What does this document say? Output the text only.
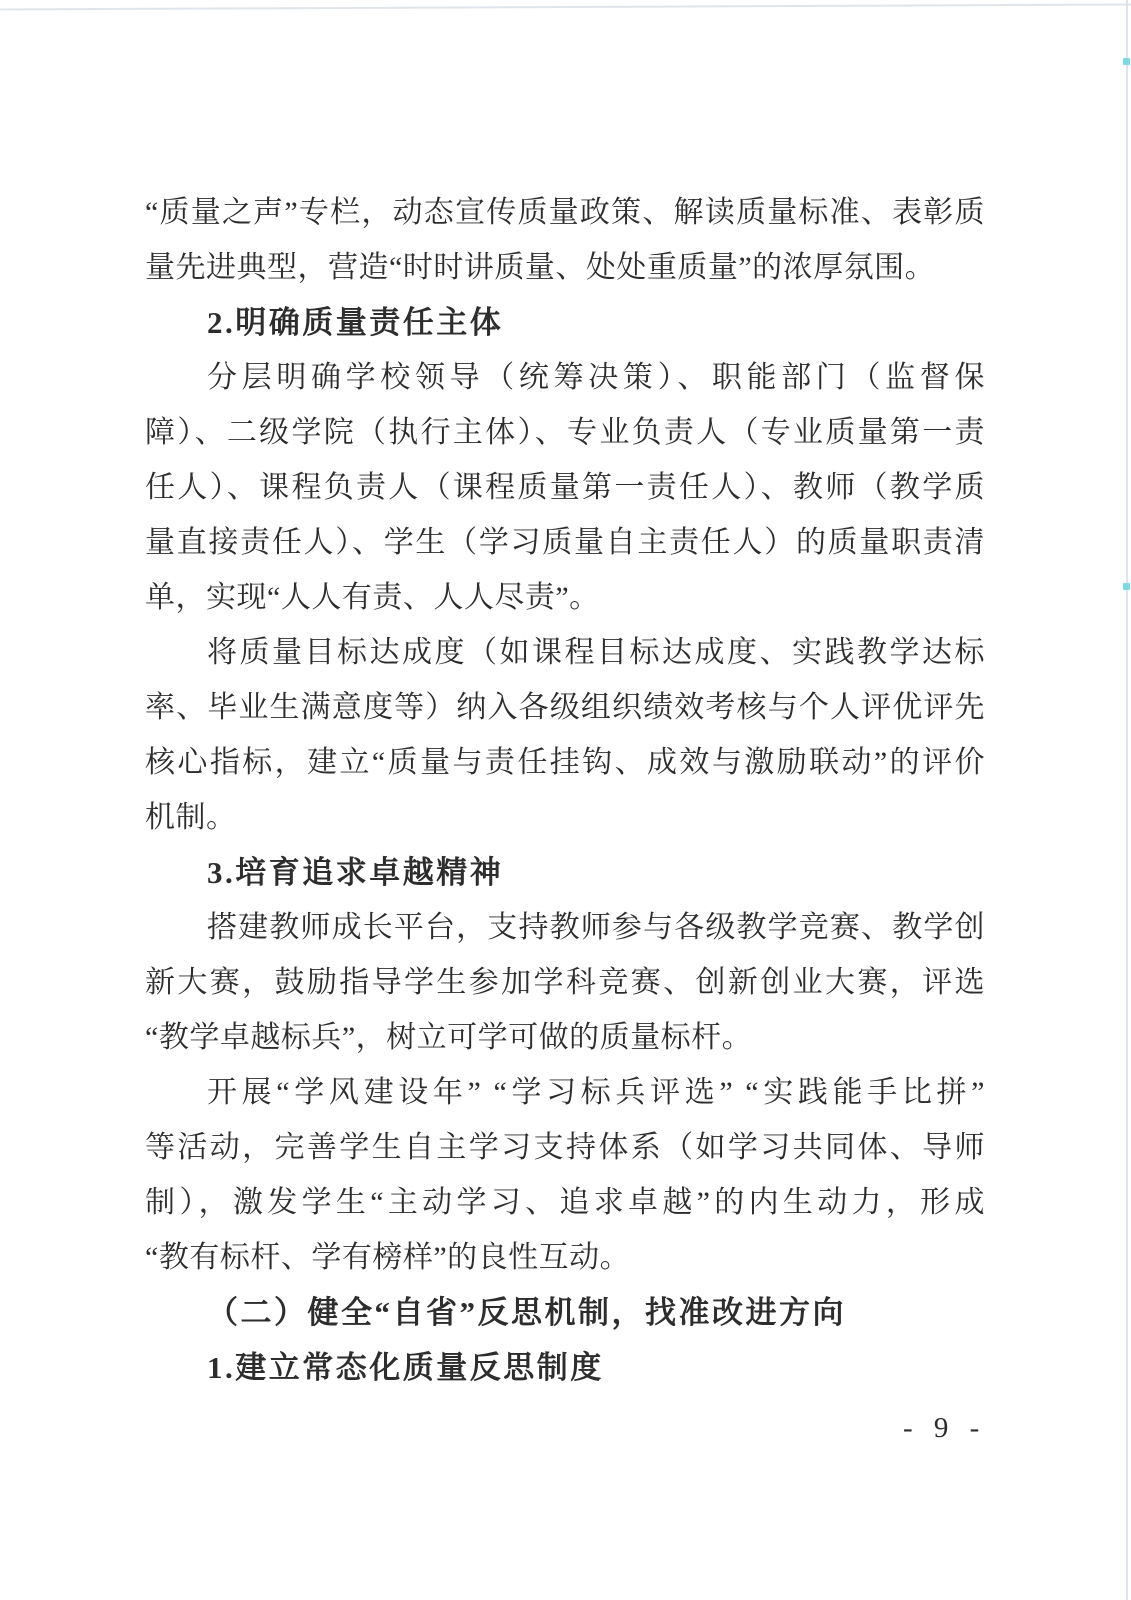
“质量之声”专栏，动态宣传质量政策、解读质量标准、表彰质
量先进典型，营造“时时讲质量、处处重质量”的浓厚氛围。
2.明确质量责任主体
分层明确学校领导（统筹决策）、职能部门（监督保
障）、二级学院（执行主体）、专业负责人（专业质量第一责
任人）、课程负责人（课程质量第一责任人）、教师（教学质
量直接责任人）、学生（学习质量自主责任人）的质量职责清
单，实现“人人有责、人人尽责”。
将质量目标达成度（如课程目标达成度、实践教学达标
率、毕业生满意度等）纳入各级组织绩效考核与个人评优评先
核心指标，建立“质量与责任挂钩、成效与激励联动”的评价
机制。
3.培育追求卓越精神
搭建教师成长平台，支持教师参与各级教学竞赛、教学创
新大赛，鼓励指导学生参加学科竞赛、创新创业大赛，评选
“教学卓越标兵”，树立可学可做的质量标杆。
开展“学风建设年” “学习标兵评选” “实践能手比拼”
等活动，完善学生自主学习支持体系（如学习共同体、导师
制），激发学生“主动学习、追求卓越”的内生动力，形成
“教有标杆、学有榜样”的良性互动。
（二）健全“自省”反思机制，找准改进方向
1.建立常态化质量反思制度
- 9 -
